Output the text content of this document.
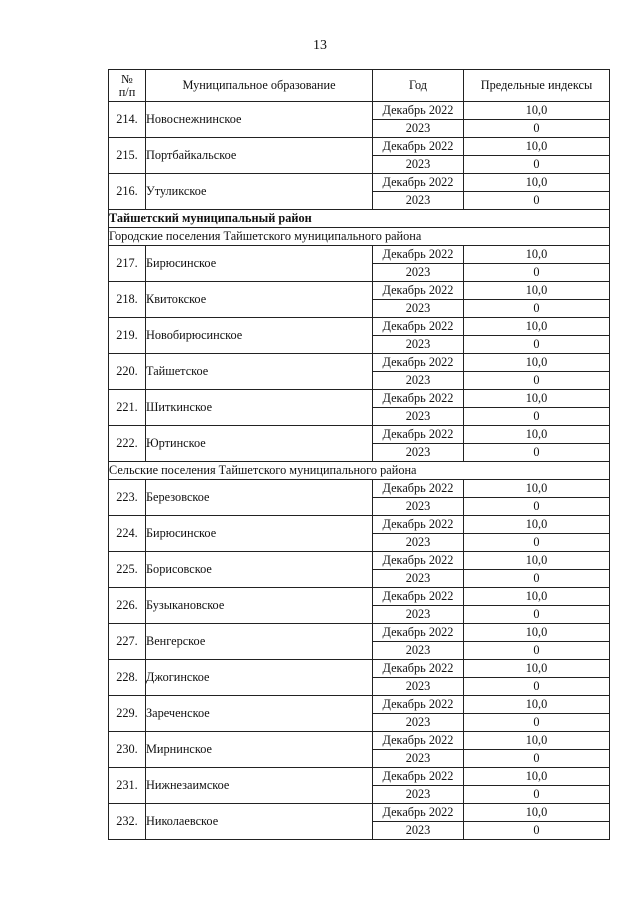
13
№
п/п	Муниципальное образование	Год	Предельные индексы
214.	Новоснежнинское	Декабрь 2022	10,0
		2023	0
215.	Портбайкальское	Декабрь 2022	10,0
		2023	0
216.	Утуликское	Декабрь 2022	10,0
		2023	0
Тайшетский муниципальный район			
Городские поселения Тайшетского муниципального района			
217.	Бирюсинское	Декабрь 2022	10,0
		2023	0
218.	Квитокское	Декабрь 2022	10,0
		2023	0
219.	Новобирюсинское	Декабрь 2022	10,0
		2023	0
220.	Тайшетское	Декабрь 2022	10,0
		2023	0
221.	Шиткинское	Декабрь 2022	10,0
		2023	0
222.	Юртинское	Декабрь 2022	10,0
		2023	0
Сельские поселения Тайшетского муниципального района			
223.	Березовское	Декабрь 2022	10,0
		2023	0
224.	Бирюсинское	Декабрь 2022	10,0
		2023	0
225.	Борисовское	Декабрь 2022	10,0
		2023	0
226.	Бузыкановское	Декабрь 2022	10,0
		2023	0
227.	Венгерское	Декабрь 2022	10,0
		2023	0
228.	Джогинское	Декабрь 2022	10,0
		2023	0
229.	Зареченское	Декабрь 2022	10,0
		2023	0
230.	Мирнинское	Декабрь 2022	10,0
		2023	0
231.	Нижнезаимское	Декабрь 2022	10,0
		2023	0
232.	Николаевское	Декабрь 2022	10,0
		2023	0
